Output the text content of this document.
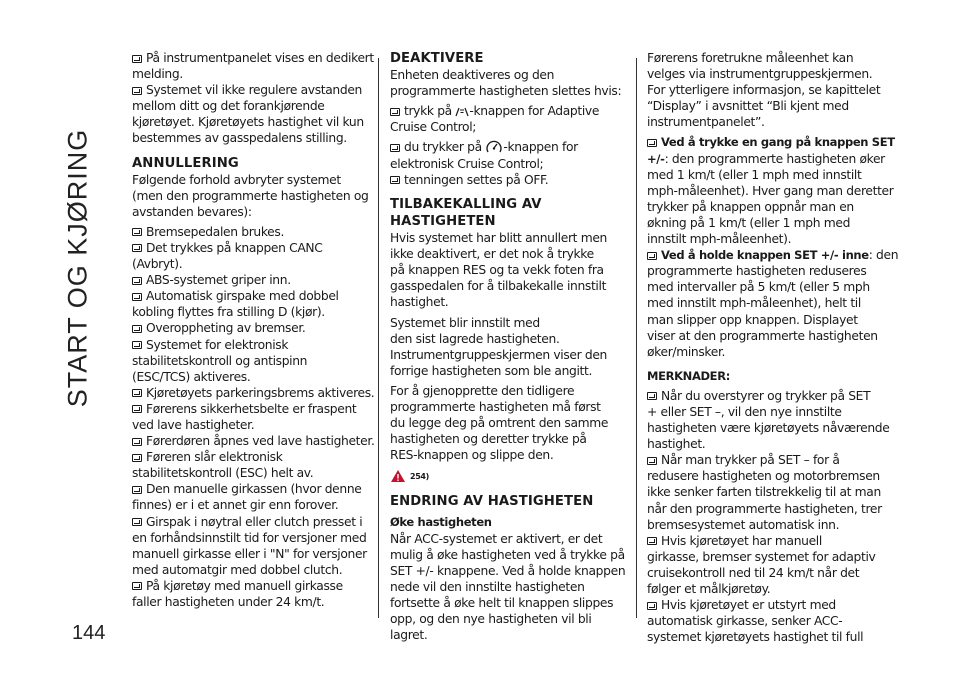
START OG KJØRING
144
På instrumentpanelet vises en dedikert
melding.
Systemet vil ikke regulere avstanden
mellom ditt og det forankjørende
kjøretøyet. Kjøretøyets hastighet vil kun
bestemmes av gasspedalens stilling.
ANNULLERING
Følgende forhold avbryter systemet
(men den programmerte hastigheten og
avstanden bevares):
Bremsepedalen brukes.
Det trykkes på knappen CANC
(Avbryt).
ABS-systemet griper inn.
Automatisk girspake med dobbel
kobling flyttes fra stilling D (kjør).
Overoppheting av bremser.
Systemet for elektronisk
stabilitetskontroll og antispinn
(ESC/TCS) aktiveres.
Kjøretøyets parkeringsbrems aktiveres.
Førerens sikkerhetsbelte er fraspent
ved lave hastigheter.
Førerdøren åpnes ved lave hastigheter.
Føreren slår elektronisk
stabilitetskontroll (ESC) helt av.
Den manuelle girkassen (hvor denne
finnes) er i et annet gir enn forover.
Girspak i nøytral eller clutch presset i
en forhåndsinnstilt tid for versjoner med
manuell girkasse eller i "N" for versjoner
med automatgir med dobbel clutch.
På kjøretøy med manuell girkasse
faller hastigheten under 24 km/t.
DEAKTIVERE
Enheten deaktiveres og den
programmerte hastigheten slettes hvis:
trykk på -knappen for Adaptive
Cruise Control;
du trykker på -knappen for
elektronisk Cruise Control;
tenningen settes på OFF.
TILBAKEKALLING AV
HASTIGHETEN
Hvis systemet har blitt annullert men
ikke deaktivert, er det nok å trykke
på knappen RES og ta vekk foten fra
gasspedalen for å tilbakekalle innstilt
hastighet.
Systemet blir innstilt med
den sist lagrede hastigheten.
Instrumentgruppeskjermen viser den
forrige hastigheten som ble angitt.
For å gjenopprette den tidligere
programmerte hastigheten må først
du legge deg på omtrent den samme
hastigheten og deretter trykke på
RES-knappen og slippe den.
254)
ENDRING AV HASTIGHETEN
Øke hastigheten
Når ACC-systemet er aktivert, er det
mulig å øke hastigheten ved å trykke på
SET +/- knappene. Ved å holde knappen
nede vil den innstilte hastigheten
fortsette å øke helt til knappen slippes
opp, og den nye hastigheten vil bli
lagret.
Førerens foretrukne måleenhet kan
velges via instrumentgruppeskjermen.
For ytterligere informasjon, se kapittelet
“Display” i avsnittet “Bli kjent med
instrumentpanelet”.
Ved å trykke en gang på knappen SET
+/-: den programmerte hastigheten øker
med 1 km/t (eller 1 mph med innstilt
mph-måleenhet). Hver gang man deretter
trykker på knappen oppnår man en
økning på 1 km/t (eller 1 mph med
innstilt mph-måleenhet).
Ved å holde knappen SET +/- inne: den
programmerte hastigheten reduseres
med intervaller på 5 km/t (eller 5 mph
med innstilt mph-måleenhet), helt til
man slipper opp knappen. Displayet
viser at den programmerte hastigheten
øker/minsker.
MERKNADER:
Når du overstyrer og trykker på SET
+ eller SET –, vil den nye innstilte
hastigheten være kjøretøyets nåværende
hastighet.
Når man trykker på SET – for å
redusere hastigheten og motorbremsen
ikke senker farten tilstrekkelig til at man
når den programmerte hastigheten, trer
bremsesystemet automatisk inn.
Hvis kjøretøyet har manuell
girkasse, bremser systemet for adaptiv
cruisekontroll ned til 24 km/t når det
følger et målkjøretøy.
Hvis kjøretøyet er utstyrt med
automatisk girkasse, senker ACC-
systemet kjøretøyets hastighet til full
